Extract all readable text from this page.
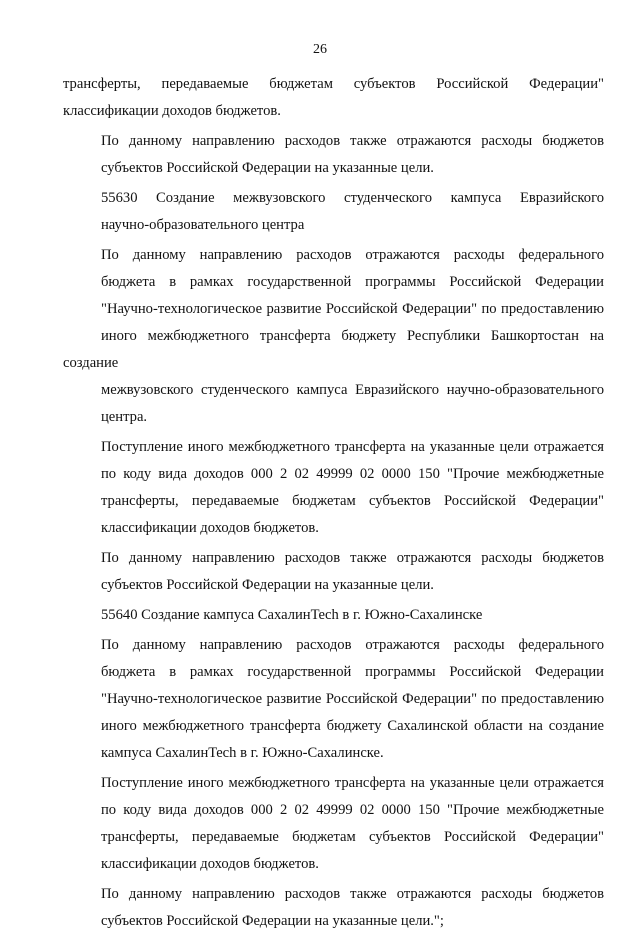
26

трансферты, передаваемые бюджетам субъектов Российской Федерации"
классификации доходов бюджетов.

По данному направлению расходов также отражаются расходы бюджетов
субъектов Российской Федерации на указанные цели.

55630 Создание межвузовского студенческого кампуса Евразийского
научно-образовательного центра

По данному направлению расходов отражаются расходы федерального
бюджета в рамках государственной программы Российской Федерации
"Научно-технологическое развитие Российской Федерации" по предоставлению
иного межбюджетного трансферта бюджету Республики Башкортостан на создание
межвузовского студенческого кампуса Евразийского научно-образовательного
центра.

Поступление иного межбюджетного трансферта на указанные цели отражается
по коду вида доходов 000 2 02 49999 02 0000 150 "Прочие межбюджетные
трансферты, передаваемые бюджетам субъектов Российской Федерации"
классификации доходов бюджетов.

По данному направлению расходов также отражаются расходы бюджетов
субъектов Российской Федерации на указанные цели.

55640 Создание кампуса СахалинTech в г. Южно-Сахалинске

По данному направлению расходов отражаются расходы федерального
бюджета в рамках государственной программы Российской Федерации
"Научно-технологическое развитие Российской Федерации" по предоставлению
иного межбюджетного трансферта бюджету Сахалинской области на создание
кампуса СахалинTech в г. Южно-Сахалинске.

Поступление иного межбюджетного трансферта на указанные цели отражается
по коду вида доходов 000 2 02 49999 02 0000 150 "Прочие межбюджетные
трансферты, передаваемые бюджетам субъектов Российской Федерации"
классификации доходов бюджетов.

По данному направлению расходов также отражаются расходы бюджетов
субъектов Российской Федерации на указанные цели.";
